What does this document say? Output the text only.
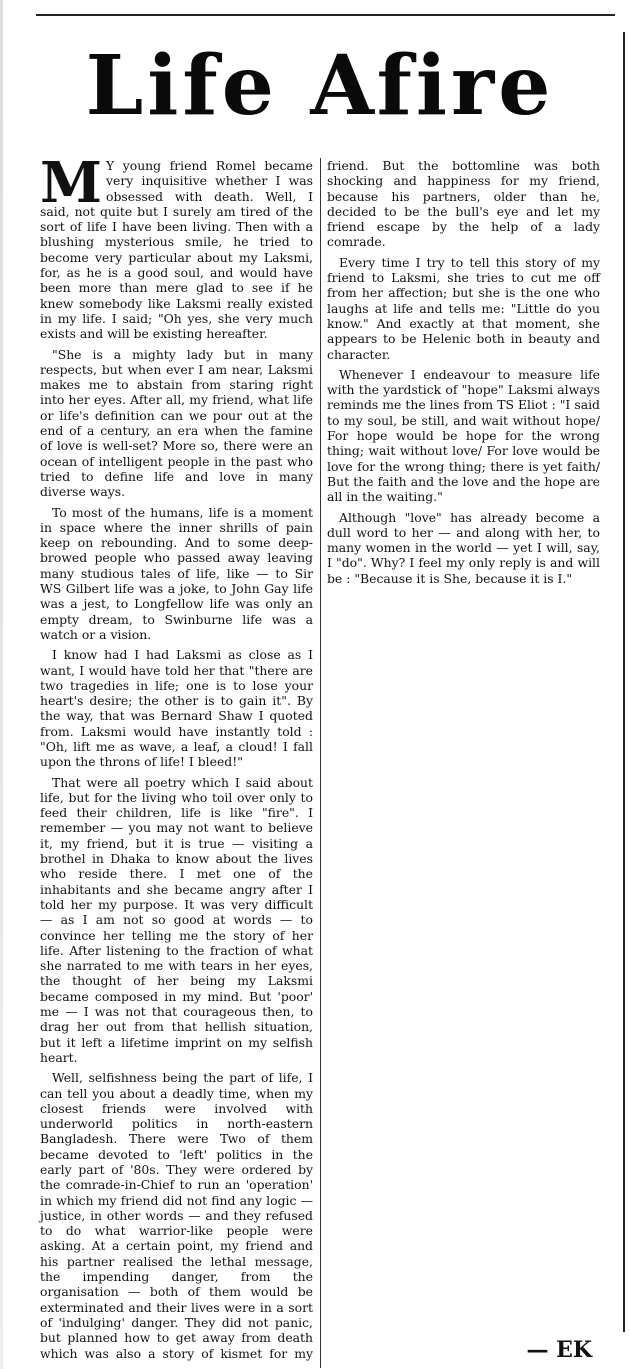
Life Afire

M Y young friend Romel became very inquisitive whether I was obsessed with death. Well, I said, not quite but I surely am tired of the sort of life I have been living. Then with a blushing mysterious smile, he tried to become very particular about my Laksmi, for, as he is a good soul, and would have been more than mere glad to see if he knew somebody like Laksmi really existed in my life. I said; "Oh yes, she very much exists and will be existing hereafter.

"She is a mighty lady but in many respects, but when ever I am near, Laksmi makes me to abstain from staring right into her eyes. After all, my friend, what life or life's definition can we pour out at the end of a century, an era when the famine of love is well-set? More so, there were an ocean of intelligent people in the past who tried to define life and love in many diverse ways.

To most of the humans, life is a moment in space where the inner shrills of pain keep on rebounding. And to some deep-browed people who passed away leaving many studious tales of life, like — to Sir WS Gilbert life was a joke, to John Gay life was a jest, to Longfellow life was only an empty dream, to Swinburne life was a watch or a vision.

I know had I had Laksmi as close as I want, I would have told her that "there are two tragedies in life; one is to lose your heart's desire; the other is to gain it". By the way, that was Bernard Shaw I quoted from. Laksmi would have instantly told : "Oh, lift me as wave, a leaf, a cloud! I fall upon the throns of life! I bleed!"

That were all poetry which I said about life, but for the living who toil over only to feed their children, life is like "fire". I remember — you may not want to believe it, my friend, but it is true — visiting a brothel in Dhaka to know about the lives who reside there. I met one of the inhabitants and she became angry after I told her my purpose. It was very difficult — as I am not so good at words — to convince her telling me the story of her life. After listening to the fraction of what she narrated to me with tears in her eyes, the thought of her being my Laksmi became composed in my mind. But 'poor' me — I was not that courageous then, to drag her out from that hellish situation, but it left a lifetime imprint on my selfish heart.

Well, selfishness being the part of life, I can tell you about a deadly time, when my closest friends were involved with underworld politics in north-eastern Bangladesh. There were Two of them became devoted to 'left' politics in the early part of '80s. They were ordered by the comrade-in-Chief to run an 'operation' in which my friend did not find any logic — justice, in other words — and they refused to do what warrior-like people were asking. At a certain point, my friend and his partner realised the lethal message, the impending danger, from the organisation — both of them would be exterminated and their lives were in a sort of 'indulging' danger. They did not panic, but planned how to get away from death which was also a story of kismet for my friend. But the bottomline was both shocking and happiness for my friend, because his partners, older than he, decided to be the bull's eye and let my friend escape by the help of a lady comrade.

Every time I try to tell this story of my friend to Laksmi, she tries to cut me off from her affection; but she is the one who laughs at life and tells me: "Little do you know." And exactly at that moment, she appears to be Helenic both in beauty and character.

Whenever I endeavour to measure life with the yardstick of "hope" Laksmi always reminds me the lines from TS Eliot : "I said to my soul, be still, and wait without hope/ For hope would be hope for the wrong thing; wait without love/ For love would be love for the wrong thing; there is yet faith/ But the faith and the love and the hope are all in the waiting."

Although "love" has already become a dull word to her — and along with her, to many women in the world — yet I will, say, I "do". Why? I feel my only reply is and will be : "Because it is She, because it is I."

— EK
